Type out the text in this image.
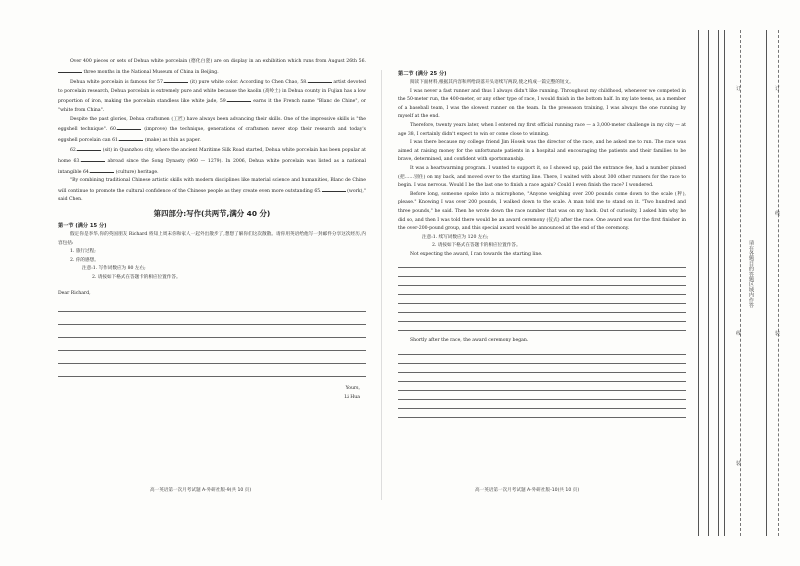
Over 400 pieces or sets of Dehua white porcelain (德化白瓷) are on display in an exhibition which runs from August 26th 56. three months in the National Museum of China in Beijing.

Dehua white porcelain is famous for 57.	(it) pure white color. According to Chen Chao, 58.	artist devoted to porcelain research, Dehua porcelain is extremely pure and white because the kaolin (高岭土) in Dehua county in Fujian has a low proportion of iron, making the porcelain standless like white jade, 59.	earns it the French name "Blanc de Chine", or "white from China".

Despite the past glories, Dehua craftsmen (工匠) have always been advancing their skills. One of the impressive skills is "the eggshell technique". 60.	(improve) the technique, generations of craftsmen never stop their research and today's eggshell porcelain can 61.	(make) as thin as paper.

62.	(sit) in Quanzhou city, where the ancient Maritime Silk Road started, Dehua white porcelain has been popular at home 63.	abroad since the Song Dynasty (960 — 1279). In 2006, Dehua white porcelain was listed as a national intangible 64.	(culture) heritage.

"By combining traditional Chinese artistic skills with modern disciplines like material science and humanities, Blanc de Chine will continue to promote the cultural confidence of the Chinese people as they create even more outstanding 65.	(work)," said Chen.

第四部分:写作(共两节,满分 40 分)
第一节 (满分 15 分)

假定你是李华,你的英国朋友 Richard 将知上周末你和家人一起外出散步了,想想了解你们这次散散。请你用英语给他写一封邮件分享这次经历,内容包括:

1. 旅行过程;

2. 你的感想。

注意:1. 写作词数应为 80 左右;

2. 请按如下格式在答题卡的相应位置作答。

Dear Richard,

Yours,

Li Hua

高一英语第一次月考试题 A-外研社版-9(共 10 页)
第二节 (满分 25 分)

阅读下面材料,根据其内容和所给段落开头语续写两段,使之构成一篇完整的短文。

I was never a fast runner and thus I always didn't like running. Throughout my childhood, whenever we competed in the 50-meter run, the 400-meter, or any other type of race, I would finish in the bottom half. In my late teens, as a member of a baseball team, I was the slowest runner on the team. In the preseason training, I was always the one running by myself at the end.

Therefore, twenty years later, when I entered my first official running race — a 3,000-meter challenge in my city — at age 38, I certainly didn't expect to win or come close to winning.

I was there because my college friend Jim Hosek was the director of the race, and he asked me to run. The race was aimed at raising money for the unfortunate patients in a hospital and encouraging the patients and their families to be brave, determined, and confident with sportsmanship.

It was a heartwarming program. I wanted to support it, so I showed up, paid the entrance fee, had a number pinned (把……别住) on my back, and moved over to the starting line. There, I waited with about 300 other runners for the race to begin. I was nervous. Would I be the last one to finish a race again? Could I even finish the race? I wondered.

Before long, someone spoke into a microphone, "Anyone weighing over 200 pounds come down to the scale (秤), please." Knowing I was over 200 pounds, I walked down to the scale. A man told me to stand on it. "Two hundred and three pounds," he said. Then he wrote down the race number that was on my back. Out of curiosity, I asked him why he did so, and then I was told there would be an award ceremony (仪式) after the race. One award was for the first finisher in the over-200-pound group, and this special award would be announced at the end of the ceremony.

注意:1. 续写词数应为 120 左右;

2. 请按如下格式在答题卡的相应位置作答。

Not expecting the award, I ran towards the starting line.

Shortly after the race, the award ceremony began.

高一英语第一次月考试题 A-外研社版-10(共 10 页)
请在各题目的答题区域内作答
订
线
装
订
线
装
